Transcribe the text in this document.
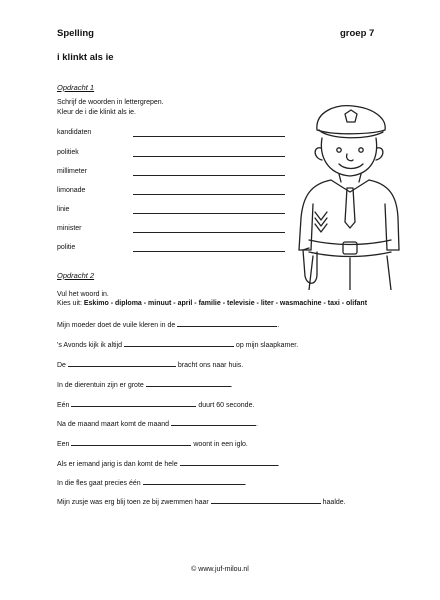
Spelling	groep 7
i klinkt als ie
Opdracht 1
Schrijf de woorden in lettergrepen.
Kleur de i die klinkt als ie.
kandidaten
politiek
millimeter
limonade
linie
minister
politie
Opdracht 2
Vul het woord in.
Kies uit: Eskimo - diploma - minuut - april - familie - televisie - liter - wasmachine - taxi - olifant
Mijn moeder doet de vuile kleren in de	.
's Avonds kijk ik altijd	op mijn slaapkamer.
De	bracht ons naar huis.
In de dierentuin zijn er grote	.
Eén	duurt 60 seconde.
Na de maand maart komt de maand	.
Een	woont in een iglo.
Als er iemand jarig is dan komt de hele	.
In die fles gaat precies één	.
Mijn zusje was erg blij toen ze bij zwemmen haar	haalde.
© www.juf-milou.nl
